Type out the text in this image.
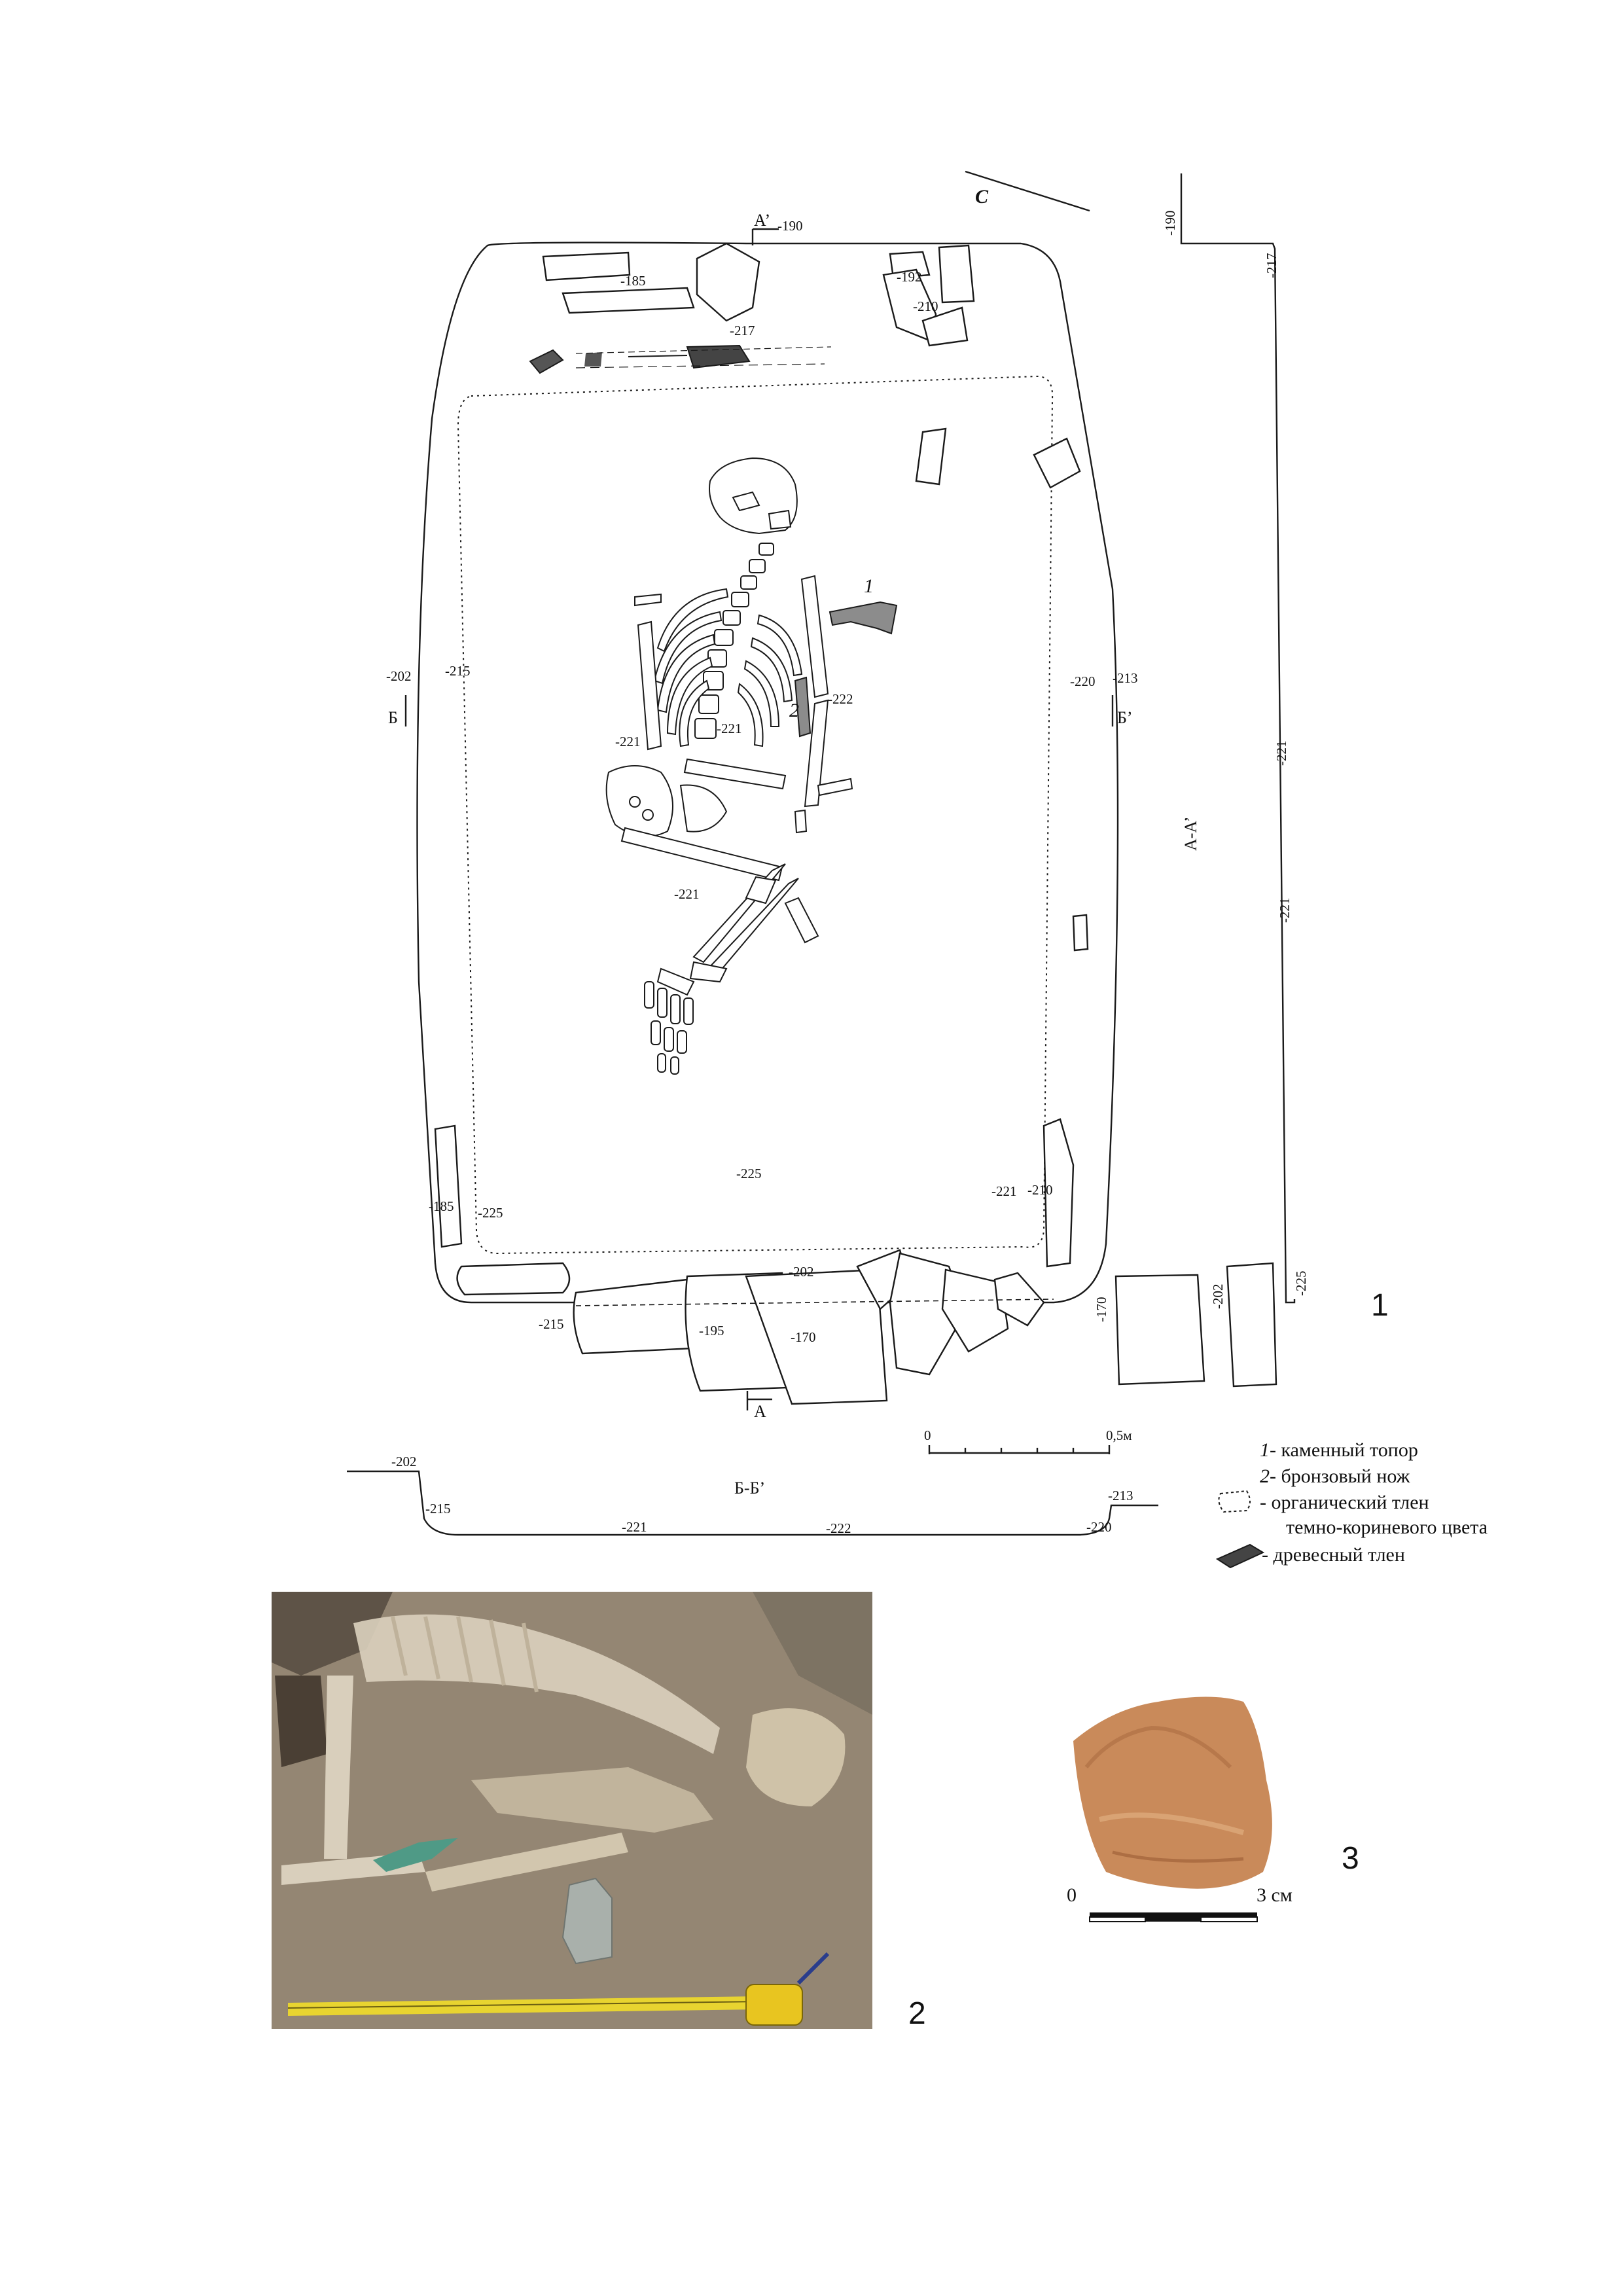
C
А’ -190
-185	-192
-210
-217
1
2
-221
-222
-221
-221
-225
-185 -225
-221 -210
-202 -215
Б
-220 -213
Б’
-202
-215	-195	-170
А
А-А’
-190
-217
-221
-221
-225
-202
-170	1
0	0,5м
Б-Б’
-202
-215
-221	-222	-220
-213
1 - каменный топор
2 - бронзовый нож
- органический тлен
темно-кориневого цвета
- древесный тлен
2
3
0	3 см
